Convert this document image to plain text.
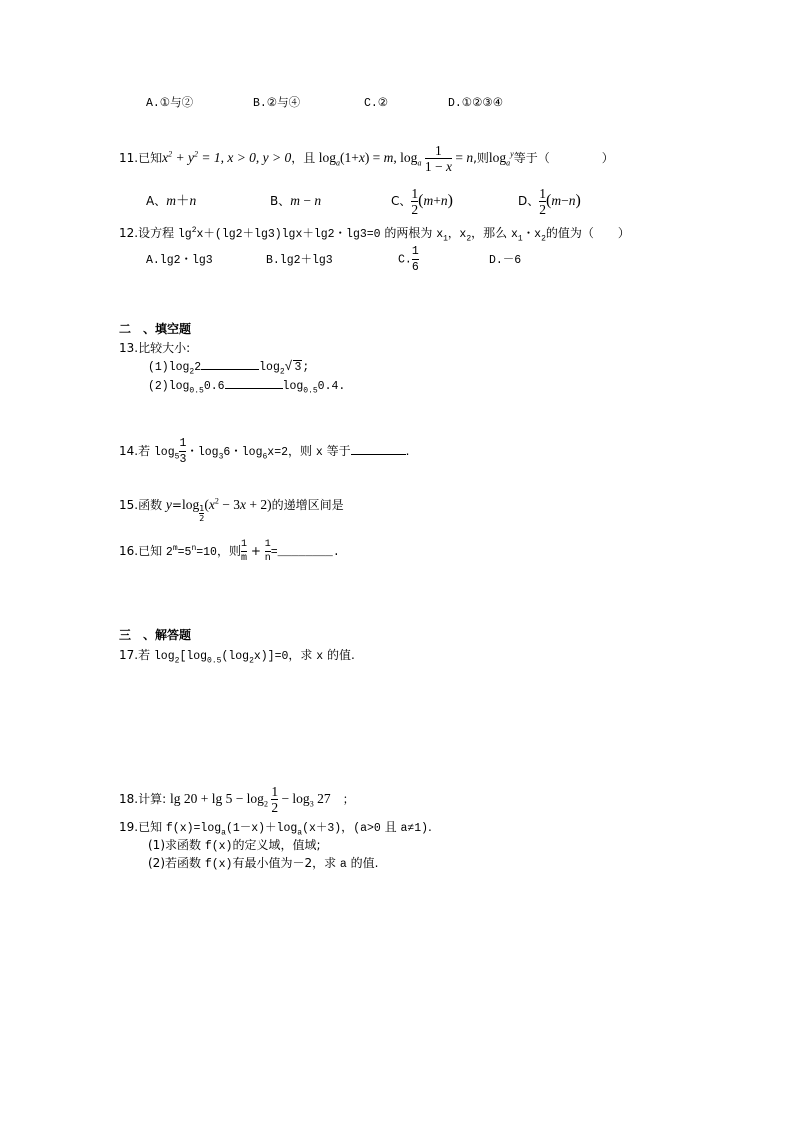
A.①与②	B.②与④	C.②	D.①②③④
11.已知$x^2 + y^2 = 1$, x > 0, y > 0，且 $\log_a(1+x) = m$, $\log_a \frac{1}{1 - x} = n$,则$\log_a^y$等于（	）
A、m＋n	B、m − n	C、 $\frac{1}{2} (m+n)$	D、 $\frac{1}{2} (m-n)$
12.设方程 $\lg^2x+(\lg 2+\lg 3)\lg x+\lg 2$・lg3=0 的两根为 $x_1$，$x_2$，那么 $x_1$・$x_2$的值为（　　）
A.lg2・lg3	B.lg2＋lg3	C. $\frac{1}{6}$	D.－6
二　、填空题
13.比较大小:
$(1)\log_22$	$\log_2√$ 3;
$(2)\log_{0.5}0.6$	$\log_{0.5}0.4$.
14.若 $\log_5 \frac{1}{3}$ ・$\log_36$・$\log_6x=2$，则 x 等于	.
15.函数 $y=\log \frac{1}{2} (x^2 - 3x + 2)$的递增区间是
16.已知 $2^m=5^n=10$，则 $\frac{1}{m} + \frac{1}{n}$ =________.
三　、解答题
17.若 $\log_2[\log_{0.5}(\log_2x)]=0$，求 x 的值.
18.计算: $\lg 20 + \lg 5 - \log_2 \frac{1}{2} - \log_3 27$　；
19.已知 $f(x)=\log_a(1-x)+\log_a(x+3)$，(a>0 且 a≠1).
(1)求函数 f(x)的定义域，值域;
(2)若函数 f(x)有最小值为－2，求 a 的值.
